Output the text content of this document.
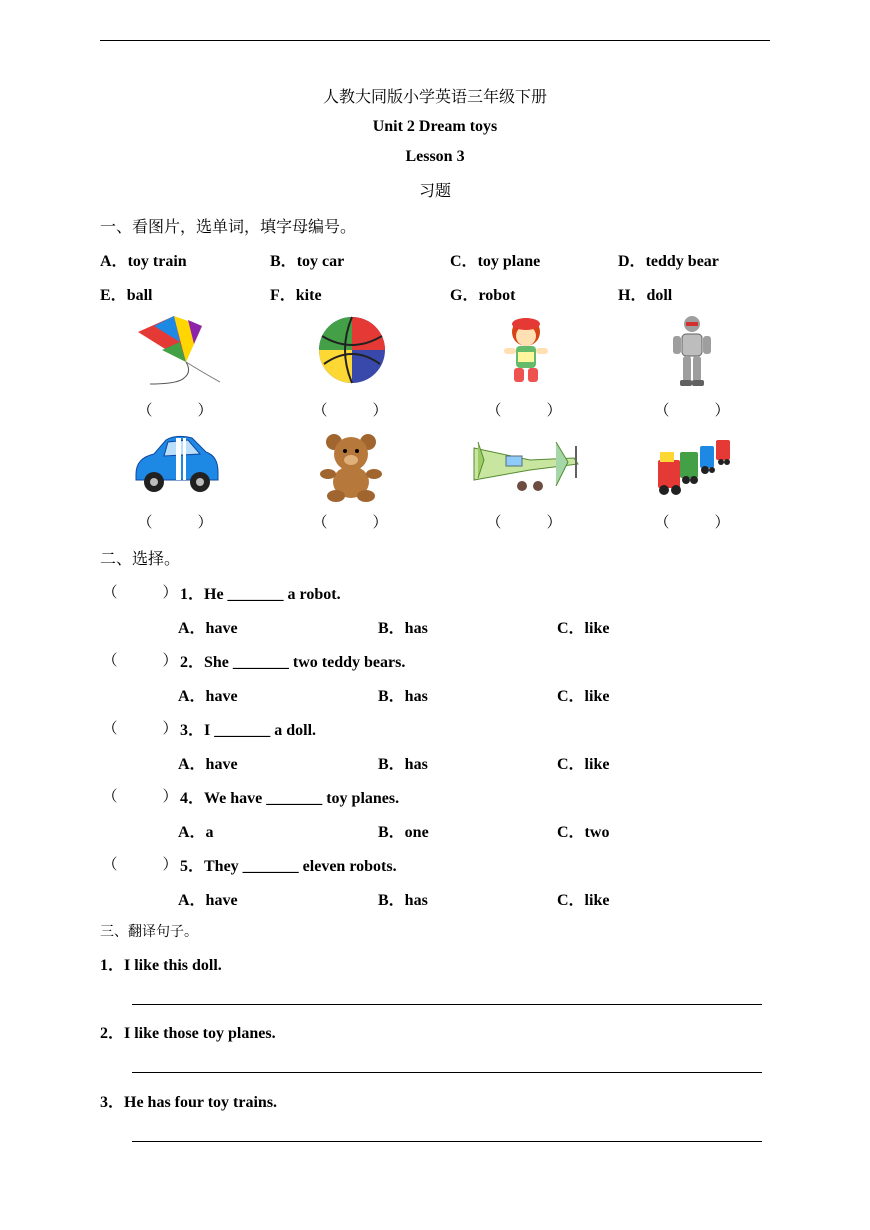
人教大同版小学英语三年级下册
Unit 2 Dream toys
Lesson 3
习题
一、看图片，选单词，填字母编号。
A．toy train	B．toy car	C．toy plane	D．teddy bear
E．ball	F．kite	G．robot	H．doll
（　　　）	（　　　）	（　　　）	（　　　）
（　　　）	（　　　）	（　　　）	（　　　）
二、选择。
（　　　） 1．He _______ a robot.
A．have	B．has	C．like
（　　　） 2．She _______ two teddy bears.
A．have	B．has	C．like
（　　　） 3．I _______ a doll.
A．have	B．has	C．like
（　　　） 4．We have _______ toy planes.
A．a	B．one	C．two
（　　　） 5．They _______ eleven robots.
A．have	B．has	C．like
三、翻译句子。
1．I like this doll.
2．I like those toy planes.
3．He has four toy trains.
